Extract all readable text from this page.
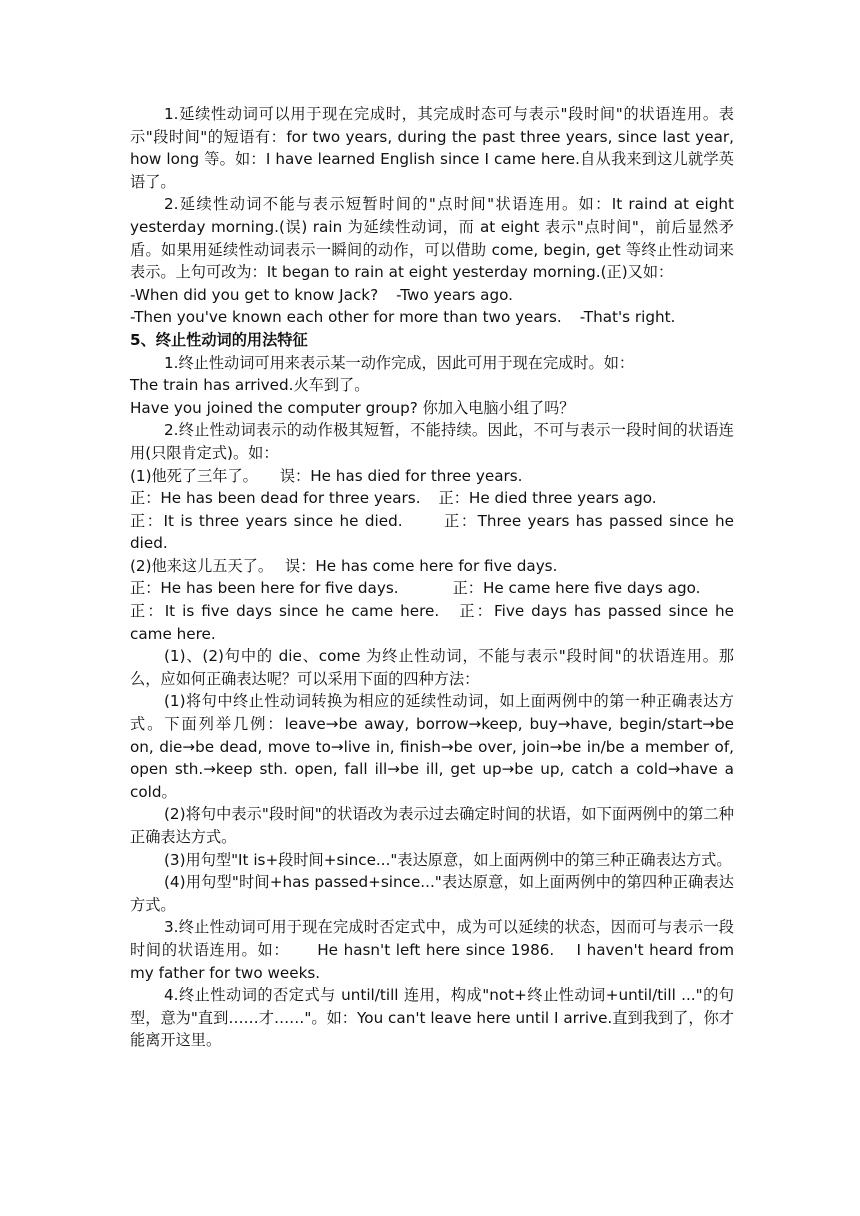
1.延续性动词可以用于现在完成时，其完成时态可与表示"段时间"的状语连用。表示"段时间"的短语有：for two years, during the past three years, since last year, how long 等。如：I have learned English since I came here.自从我来到这儿就学英语了。

2.延续性动词不能与表示短暂时间的"点时间"状语连用。如：It raind at eight yesterday morning.(误) rain 为延续性动词，而 at eight 表示"点时间"，前后显然矛盾。如果用延续性动词表示一瞬间的动作，可以借助 come, begin, get 等终止性动词来表示。上句可改为：It began to rain at eight yesterday morning.(正)又如：

-When did you get to know Jack? -Two years ago.

-Then you've known each other for more than two years. -That's right.

5、终止性动词的用法特征

1.终止性动词可用来表示某一动作完成，因此可用于现在完成时。如：

The train has arrived.火车到了。

Have you joined the computer group? 你加入电脑小组了吗？

2.终止性动词表示的动作极其短暂，不能持续。因此，不可与表示一段时间的状语连用(只限肯定式)。如：

(1)他死了三年了。 误：He has died for three years.

正：He has been dead for three years. 正：He died three years ago.

正：It is three years since he died.	正：Three years has passed since he died.

(2)他来这儿五天了。 误：He has come here for five days.

正：He has been here for five days.	正：He came here five days ago.

正：It is five days since he came here. 正：Five days has passed since he came here.

(1)、(2)句中的 die、come 为终止性动词，不能与表示"段时间"的状语连用。那么，应如何正确表达呢？可以采用下面的四种方法：

(1)将句中终止性动词转换为相应的延续性动词，如上面两例中的第一种正确表达方式。下面列举几例：leave→be away, borrow→keep, buy→have, begin/start→be on, die→be dead, move to→live in, finish→be over, join→be in/be a member of, open sth.→keep sth. open, fall ill→be ill, get up→be up, catch a cold→have a cold。

(2)将句中表示"段时间"的状语改为表示过去确定时间的状语，如下面两例中的第二种正确表达方式。

(3)用句型"It is+段时间+since..."表达原意，如上面两例中的第三种正确表达方式。

(4)用句型"时间+has passed+since..."表达原意，如上面两例中的第四种正确表达方式。

3.终止性动词可用于现在完成时否定式中，成为可以延续的状态，因而可与表示一段时间的状语连用。如：     He hasn't left here since 1986.    I haven't heard from my father for two weeks.

4.终止性动词的否定式与 until/till 连用，构成"not+终止性动词+until/till ..."的句型，意为"直到……才……"。如：You can't leave here until I arrive.直到我到了，你才能离开这里。
